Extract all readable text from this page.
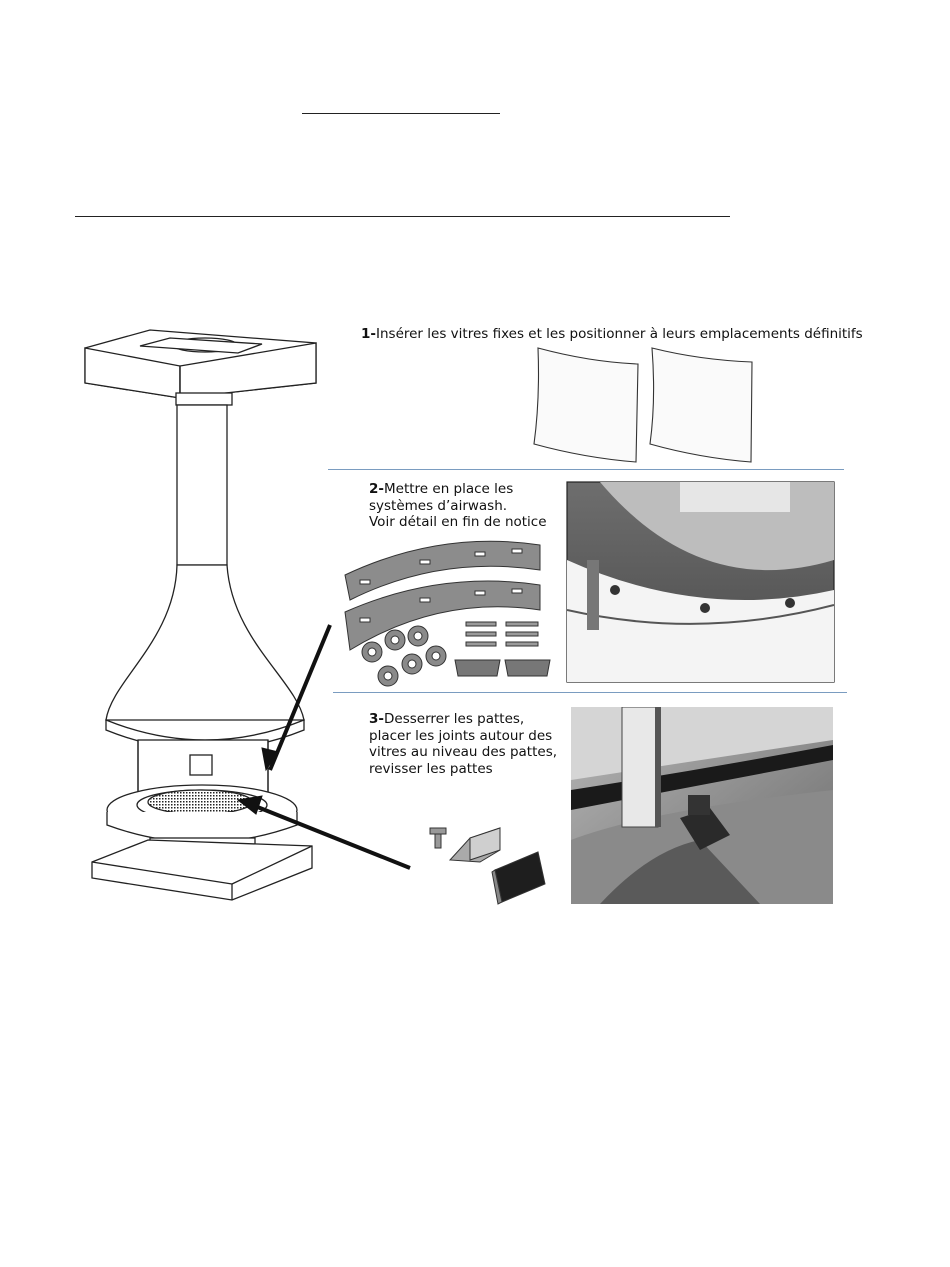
1-Insérer les vitres fixes et les positionner à leurs emplacements définitifs
2-Mettre en place les
systèmes d’airwash.
Voir détail en fin de notice
3-Desserrer les pattes,
placer les joints autour des
vitres au niveau des pattes,
revisser les pattes
